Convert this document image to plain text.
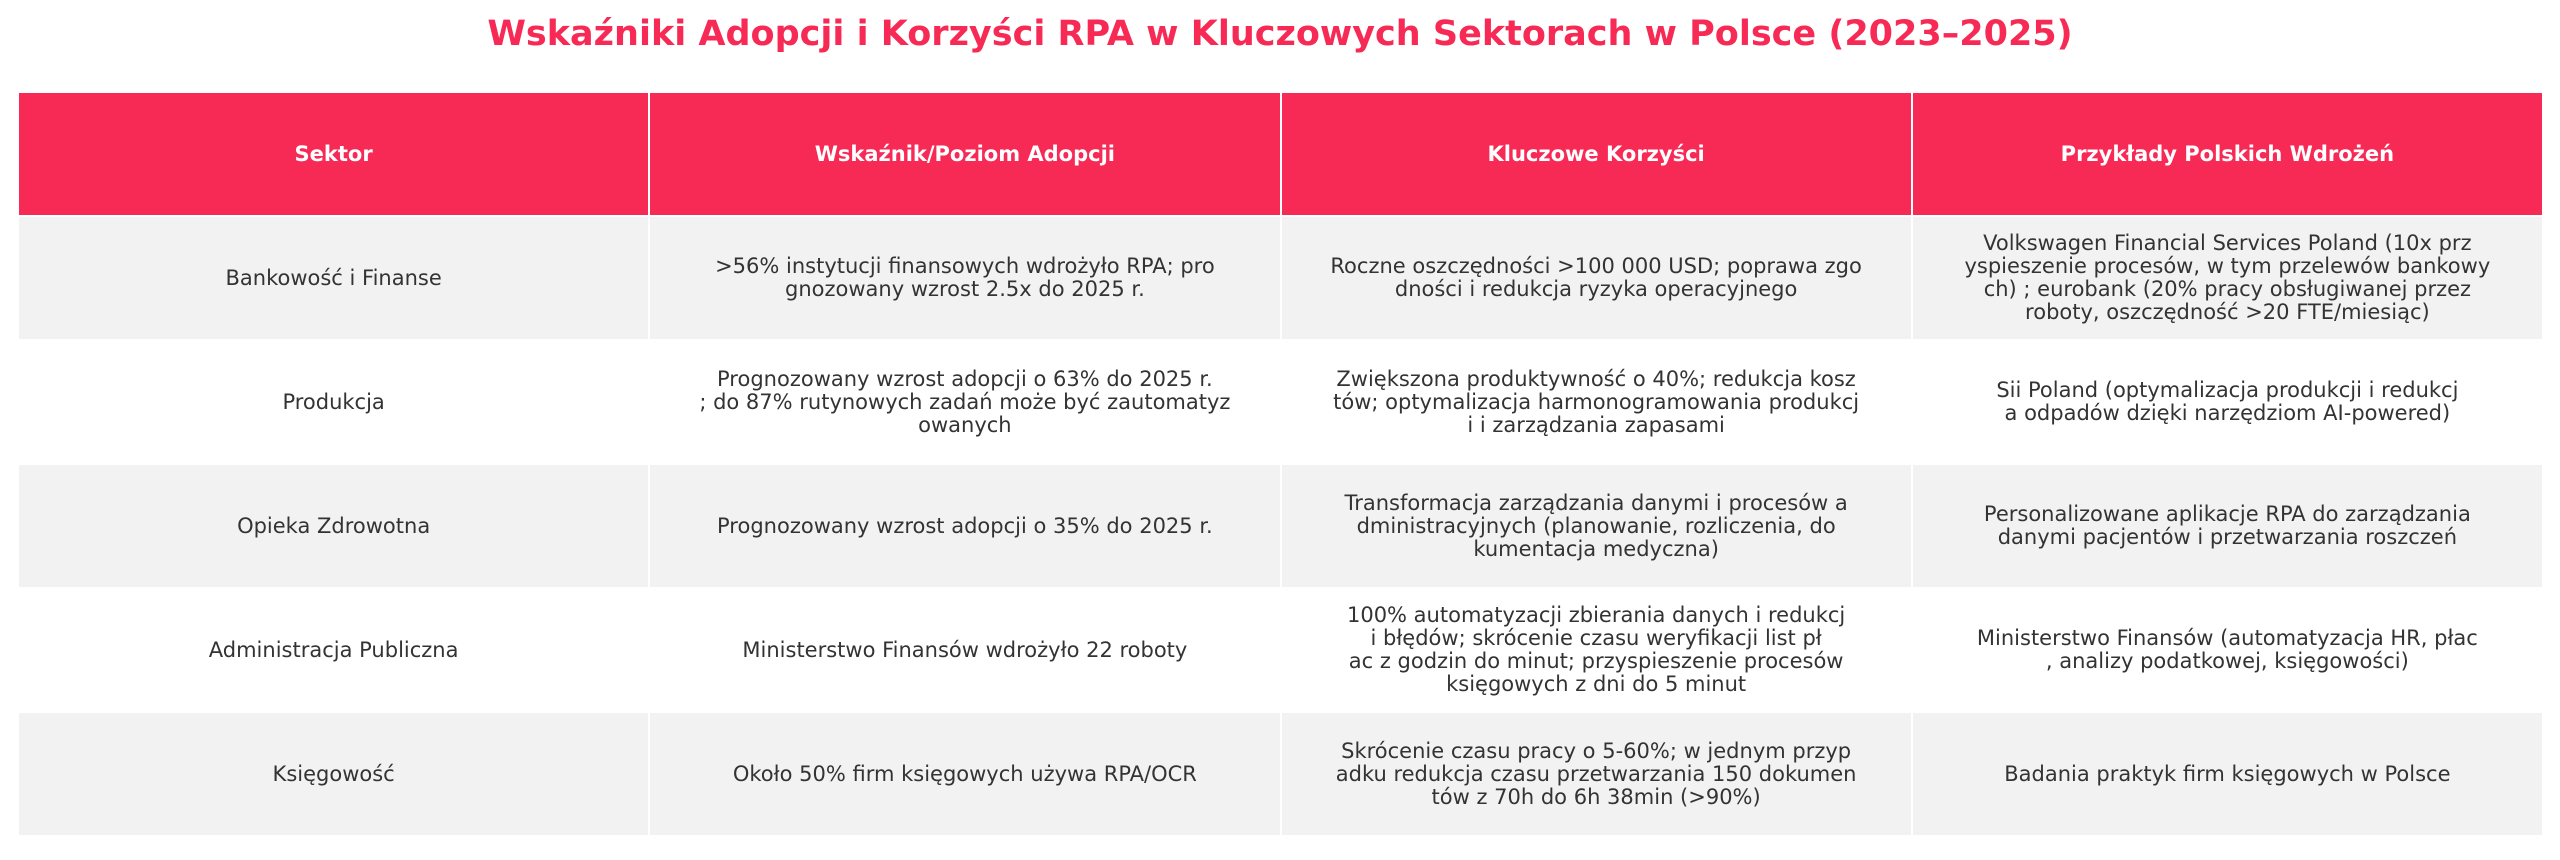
Wskaźniki Adopcji i Korzyści RPA w Kluczowych Sektorach w Polsce (2023–2025)
Sektor	Wskaźnik/Poziom Adopcji	Kluczowe Korzyści	Przykłady Polskich Wdrożeń

Bankowość i Finanse	>56% instytucji finansowych wdrożyło RPA; pro
gnozowany wzrost 2.5x do 2025 r.	Roczne oszczędności >100 000 USD; poprawa zgo
dności i redukcja ryzyka operacyjnego	Volkswagen Financial Services Poland (10x prz
yspieszenie procesów, w tym przelewów bankowy
ch) ; eurobank (20% pracy obsługiwanej przez
roboty, oszczędność >20 FTE/miesiąc)

Produkcja	Prognozowany wzrost adopcji o 63% do 2025 r.
; do 87% rutynowych zadań może być zautomatyz
owanych	Zwiększona produktywność o 40%; redukcja kosz
tów; optymalizacja harmonogramowania produkcj
i i zarządzania zapasami	Sii Poland (optymalizacja produkcji i redukcj
a odpadów dzięki narzędziom AI-powered)

Opieka Zdrowotna	Prognozowany wzrost adopcji o 35% do 2025 r.	Transformacja zarządzania danymi i procesów a
dministracyjnych (planowanie, rozliczenia, do
kumentacja medyczna)	Personalizowane aplikacje RPA do zarządzania
danymi pacjentów i przetwarzania roszczeń

Administracja Publiczna	Ministerstwo Finansów wdrożyło 22 roboty	100% automatyzacji zbierania danych i redukcj
i błędów; skrócenie czasu weryfikacji list pł
ac z godzin do minut; przyspieszenie procesów
księgowych z dni do 5 minut	Ministerstwo Finansów (automatyzacja HR, płac
, analizy podatkowej, księgowości)

Księgowość	Około 50% firm księgowych używa RPA/OCR	Skrócenie czasu pracy o 5-60%; w jednym przyp
adku redukcja czasu przetwarzania 150 dokumen
tów z 70h do 6h 38min (>90%)	Badania praktyk firm księgowych w Polsce
